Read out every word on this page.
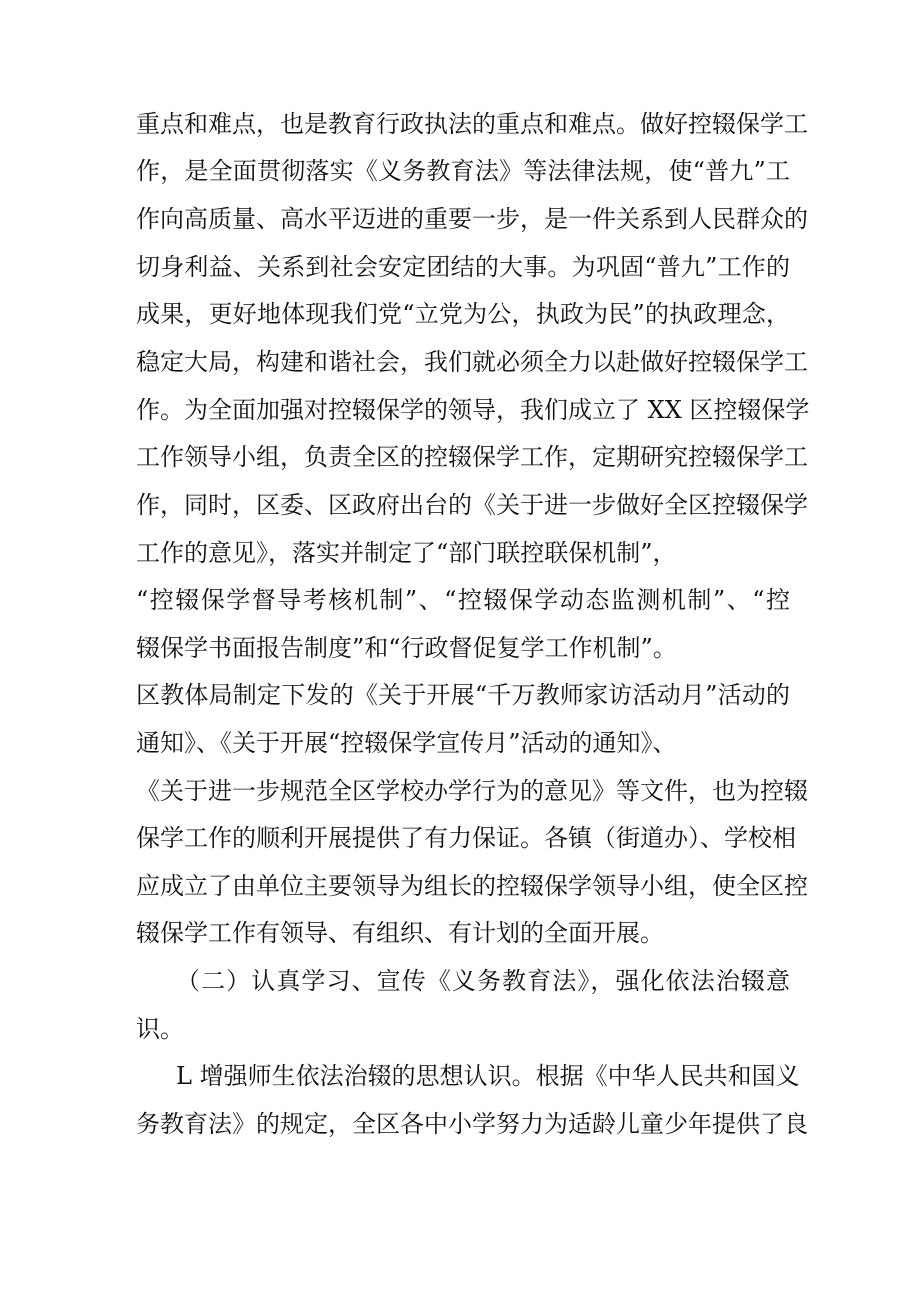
重点和难点，也是教育行政执法的重点和难点。做好控辍保学工
作，是全面贯彻落实《义务教育法》等法律法规，使“普九”工
作向高质量、高水平迈进的重要一步，是一件关系到人民群众的
切身利益、关系到社会安定团结的大事。为巩固“普九”工作的
成果，更好地体现我们党“立党为公，执政为民”的执政理念，
稳定大局，构建和谐社会，我们就必须全力以赴做好控辍保学工
作。为全面加强对控辍保学的领导，我们成立了 XX 区控辍保学
工作领导小组，负责全区的控辍保学工作，定期研究控辍保学工
作，同时，区委、区政府出台的《关于进一步做好全区控辍保学
工作的意见》，落实并制定了“部门联控联保机制”，
“控辍保学督导考核机制”、“控辍保学动态监测机制”、“控
辍保学书面报告制度”和“行政督促复学工作机制”。
区教体局制定下发的《关于开展“千万教师家访活动月”活动的
通知》、《关于开展“控辍保学宣传月”活动的通知》、
《关于进一步规范全区学校办学行为的意见》等文件，也为控辍
保学工作的顺利开展提供了有力保证。各镇（街道办）、学校相
应成立了由单位主要领导为组长的控辍保学领导小组，使全区控
辍保学工作有领导、有组织、有计划的全面开展。
（二）认真学习、宣传《义务教育法》，强化依法治辍意
识。
L 增强师生依法治辍的思想认识。根据《中华人民共和国义
务教育法》的规定，全区各中小学努力为适龄儿童少年提供了良
